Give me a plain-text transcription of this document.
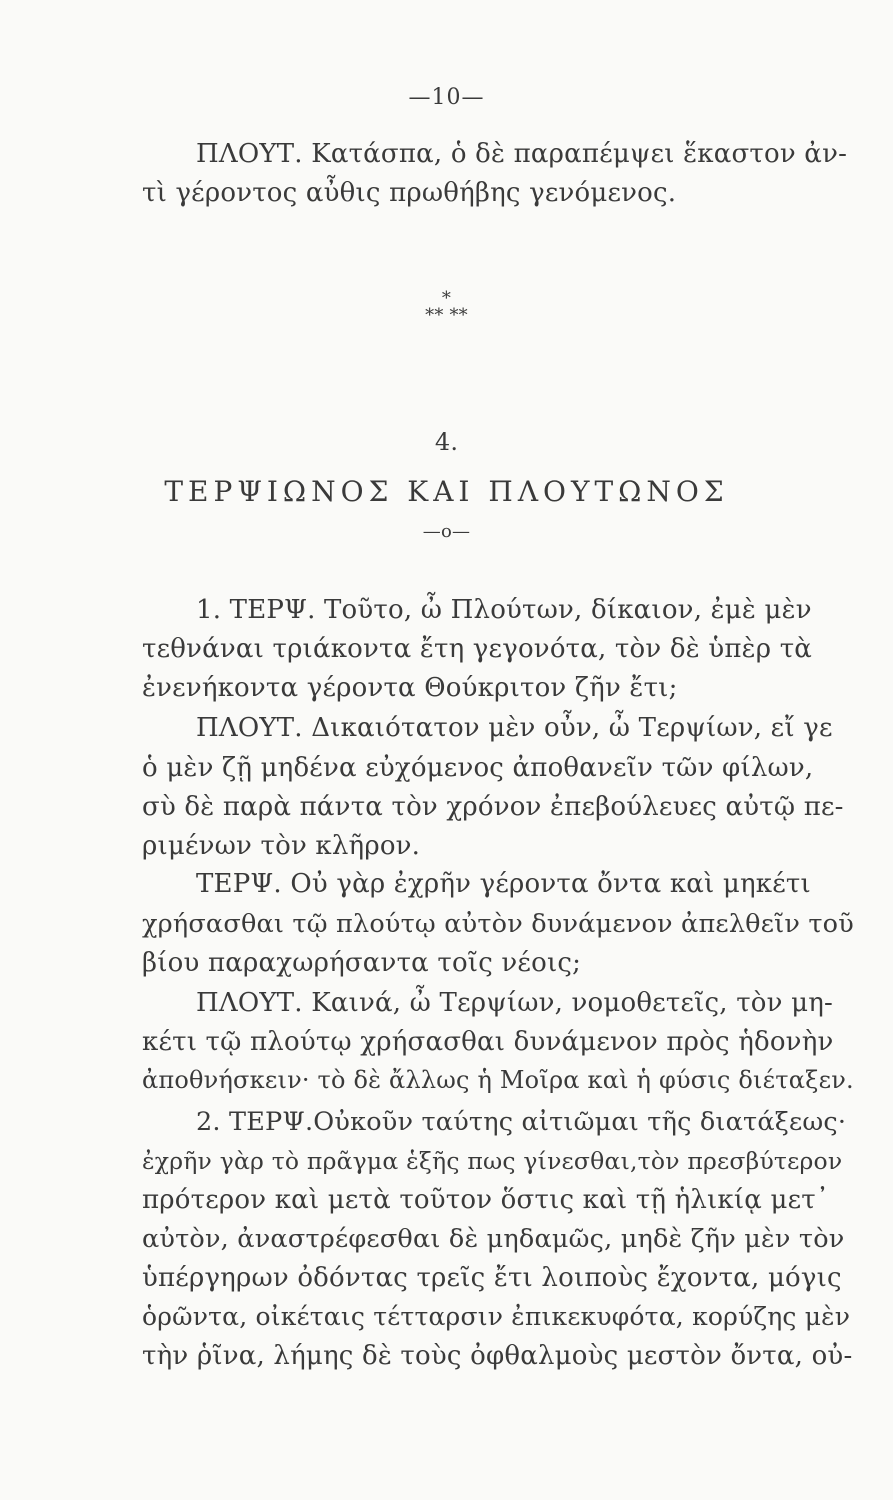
—10—
ΠΛΟΥΤ. Κατάσπα, ὁ δὲ παραπέμψει ἕκαστον ἀν-
τὶ γέροντος αὖθις πρωθήβης γενόμενος.
*
** **
4.
ΤΕΡΨΙΩΝΟΣ ΚΑΙ ΠΛΟΥΤΩΝΟΣ
—ο—
1. ΤΕΡΨ. Τοῦτο, ὦ Πλούτων, δίκαιον, ἐμὲ μὲν
τεθνάναι τριάκοντα ἔτη γεγονότα, τὸν δὲ ὑπὲρ τὰ
ἐνενήκοντα γέροντα Θούκριτον ζῆν ἔτι;
ΠΛΟΥΤ. Δικαιότατον μὲν οὖν, ὦ Τερψίων, εἴ γε
ὁ μὲν ζῇ μηδένα εὐχόμενος ἀποθανεῖν τῶν φίλων,
σὺ δὲ παρὰ πάντα τὸν χρόνον ἐπεβούλευες αὐτῷ πε-
ριμένων τὸν κλῆρον.
ΤΕΡΨ. Οὐ γὰρ ἐχρῆν γέροντα ὄντα καὶ μηκέτι
χρήσασθαι τῷ πλούτῳ αὐτὸν δυνάμενον ἀπελθεῖν τοῦ
βίου παραχωρήσαντα τοῖς νέοις;
ΠΛΟΥΤ. Καινά, ὦ Τερψίων, νομοθετεῖς, τὸν μη-
κέτι τῷ πλούτῳ χρήσασθαι δυνάμενον πρὸς ἡδονὴν
ἀποθνήσκειν· τὸ δὲ ἄλλως ἡ Μοῖρα καὶ ἡ φύσις διέταξεν.
2. ΤΕΡΨ.Οὐκοῦν ταύτης αἰτιῶμαι τῆς διατάξεως·
ἐχρῆν γὰρ τὸ πρᾶγμα ἑξῆς πως γίνεσθαι,τὸν πρεσβύτερον
πρότερον καὶ μετὰ τοῦτον ὅστις καὶ τῇ ἡλικίᾳ μετ᾽
αὐτὸν, ἀναστρέφεσθαι δὲ μηδαμῶς, μηδὲ ζῆν μὲν τὸν
ὑπέργηρων ὀδόντας τρεῖς ἔτι λοιποὺς ἔχοντα, μόγις
ὁρῶντα, οἰκέταις τέτταρσιν ἐπικεκυφότα, κορύζης μὲν
τὴν ῥῖνα, λήμης δὲ τοὺς ὀφθαλμοὺς μεστὸν ὄντα, οὐ-
